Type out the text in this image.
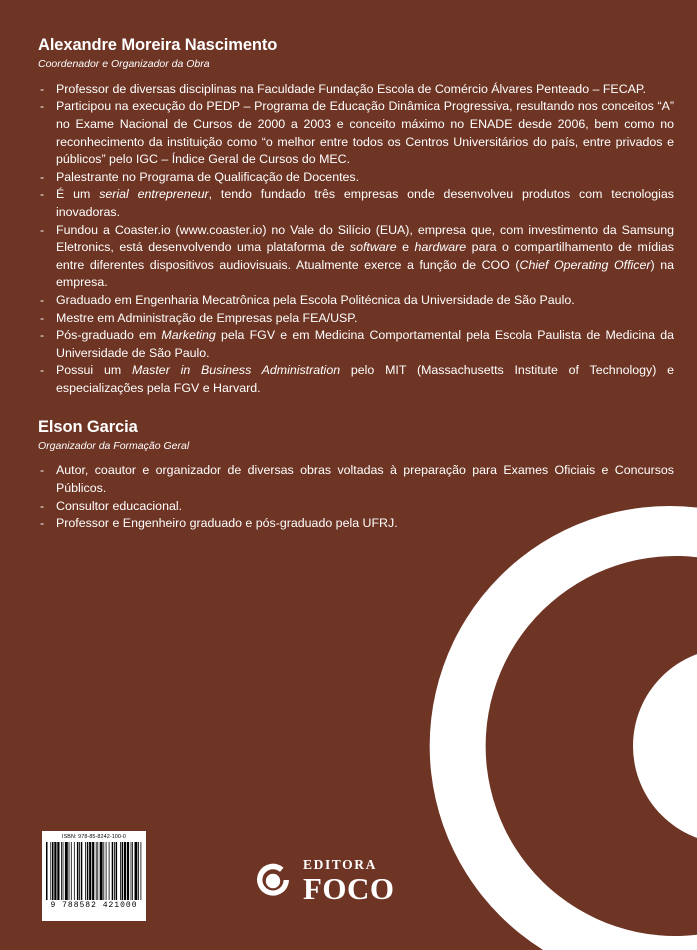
Alexandre Moreira Nascimento
Coordenador e Organizador da Obra
- Professor de diversas disciplinas na Faculdade Fundação Escola de Comércio Álvares Penteado – FECAP.
- Participou na execução do PEDP – Programa de Educação Dinâmica Progressiva, resultando nos conceitos “A” no Exame Nacional de Cursos de 2000 a 2003 e conceito máximo no ENADE desde 2006, bem como no reconhecimento da instituição como “o melhor entre todos os Centros Universitários do país, entre privados e públicos” pelo IGC – Índice Geral de Cursos do MEC.
- Palestrante no Programa de Qualificação de Docentes.
- É um serial entrepreneur, tendo fundado três empresas onde desenvolveu produtos com tecnologias inovadoras.
- Fundou a Coaster.io (www.coaster.io) no Vale do Silício (EUA), empresa que, com investimento da Samsung Eletronics, está desenvolvendo uma plataforma de software e hardware para o compartilhamento de mídias entre diferentes dispositivos audiovisuais. Atualmente exerce a função de COO (Chief Operating Officer) na empresa.
- Graduado em Engenharia Mecatrônica pela Escola Politécnica da Universidade de São Paulo.
- Mestre em Administração de Empresas pela FEA/USP.
- Pós-graduado em Marketing pela FGV e em Medicina Comportamental pela Escola Paulista de Medicina da Universidade de São Paulo.
- Possui um Master in Business Administration pelo MIT (Massachusetts Institute of Technology) e especializações pela FGV e Harvard.
Elson Garcia
Organizador da Formação Geral
- Autor, coautor e organizador de diversas obras voltadas à preparação para Exames Oficiais e Concursos Públicos.
- Consultor educacional.
- Professor e Engenheiro graduado e pós-graduado pela UFRJ.
ISBN: 978-85-8242-100-0
9 788582 421000
EDITORA
FOCO
